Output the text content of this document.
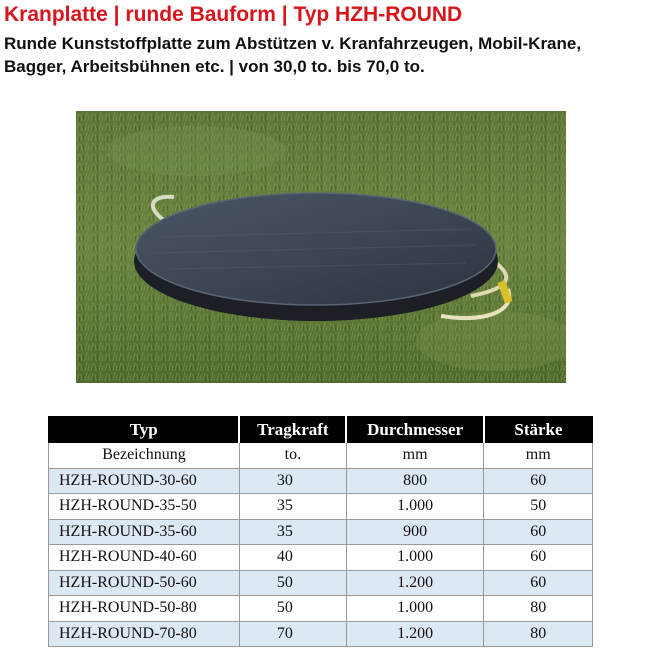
Kranplatte | runde Bauform | Typ HZH-ROUND
Runde Kunststoffplatte zum Abstützen v. Kranfahrzeugen, Mobil-Krane, Bagger, Arbeitsbühnen etc. | von 30,0 to. bis 70,0 to.
Typ	Tragkraft	Durchmesser	Stärke
Bezeichnung	to.	mm	mm
HZH-ROUND-30-60	30	800	60
HZH-ROUND-35-50	35	1.000	50
HZH-ROUND-35-60	35	900	60
HZH-ROUND-40-60	40	1.000	60
HZH-ROUND-50-60	50	1.200	60
HZH-ROUND-50-80	50	1.000	80
HZH-ROUND-70-80	70	1.200	80
